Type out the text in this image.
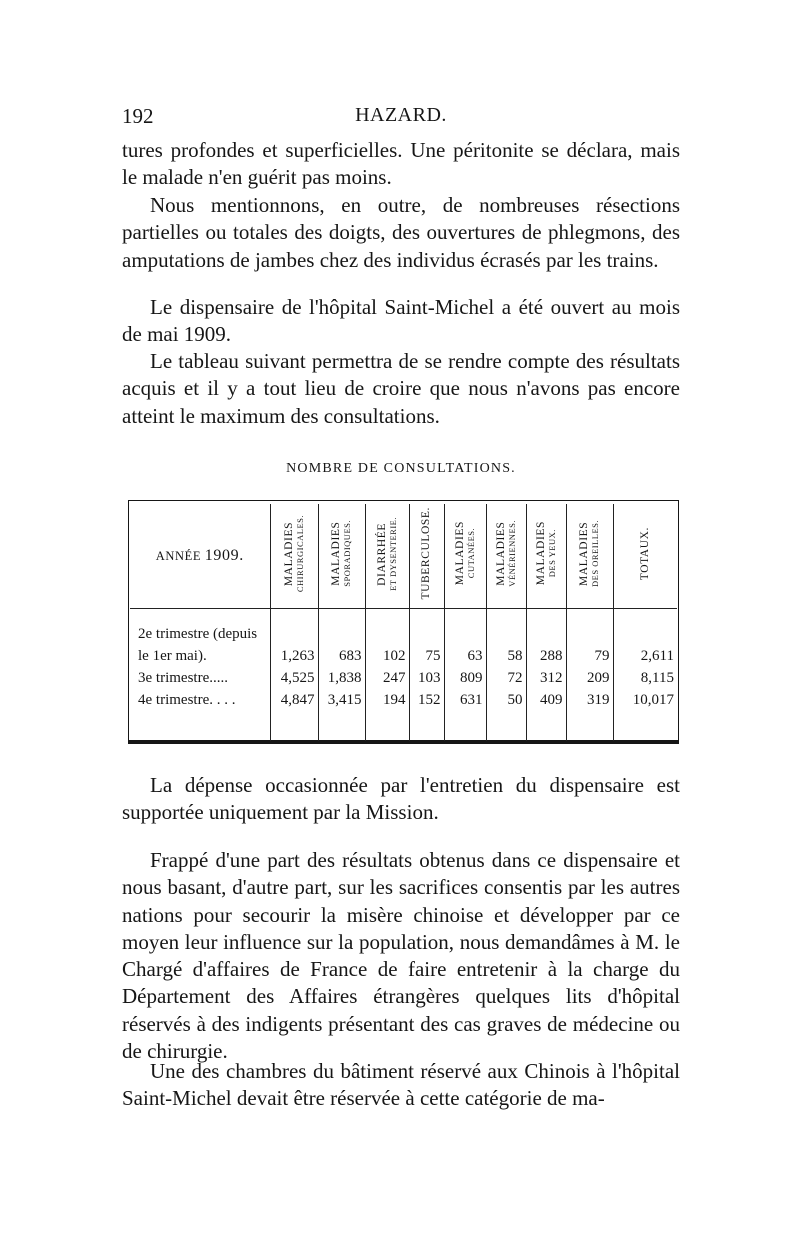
192	HAZARD.

tures profondes et superficielles. Une péritonite se déclara, mais le malade n'en guérit pas moins.

Nous mentionnons, en outre, de nombreuses résections partielles ou totales des doigts, des ouvertures de phlegmons, des amputations de jambes chez des individus écrasés par les trains.

Le dispensaire de l'hôpital Saint-Michel a été ouvert au mois de mai 1909.

Le tableau suivant permettra de se rendre compte des résultats acquis et il y a tout lieu de croire que nous n'avons pas encore atteint le maximum des consultations.

NOMBRE DE CONSULTATIONS.
ANNÉE 1909.	MALADIES CHIRURGICALES.	MALADIES SPORADIQUES.	DIARRHÉE ET DYSENTERIE.	TUBERCULOSE.	MALADIES CUTANÉES.	MALADIES VÉNÉRIENNES.	MALADIES DES YEUX.	MALADIES DES OREILLES.	TOTAUX.

2e trimestre (depuis le 1er mai).	1,263	683	102	75	63	58	288	79	2,611
3e trimestre.....	4,525	1,838	247	103	809	72	312	209	8,115
4e trimestre. . . .	4,847	3,415	194	152	631	50	409	319	10,017

La dépense occasionnée par l'entretien du dispensaire est supportée uniquement par la Mission.

Frappé d'une part des résultats obtenus dans ce dispensaire et nous basant, d'autre part, sur les sacrifices consentis par les autres nations pour secourir la misère chinoise et développer par ce moyen leur influence sur la population, nous demandâmes à M. le Chargé d'affaires de France de faire entretenir à la charge du Département des Affaires étrangères quelques lits d'hôpital réservés à des indigents présentant des cas graves de médecine ou de chirurgie.

Une des chambres du bâtiment réservé aux Chinois à l'hôpital Saint-Michel devait être réservée à cette catégorie de ma-
